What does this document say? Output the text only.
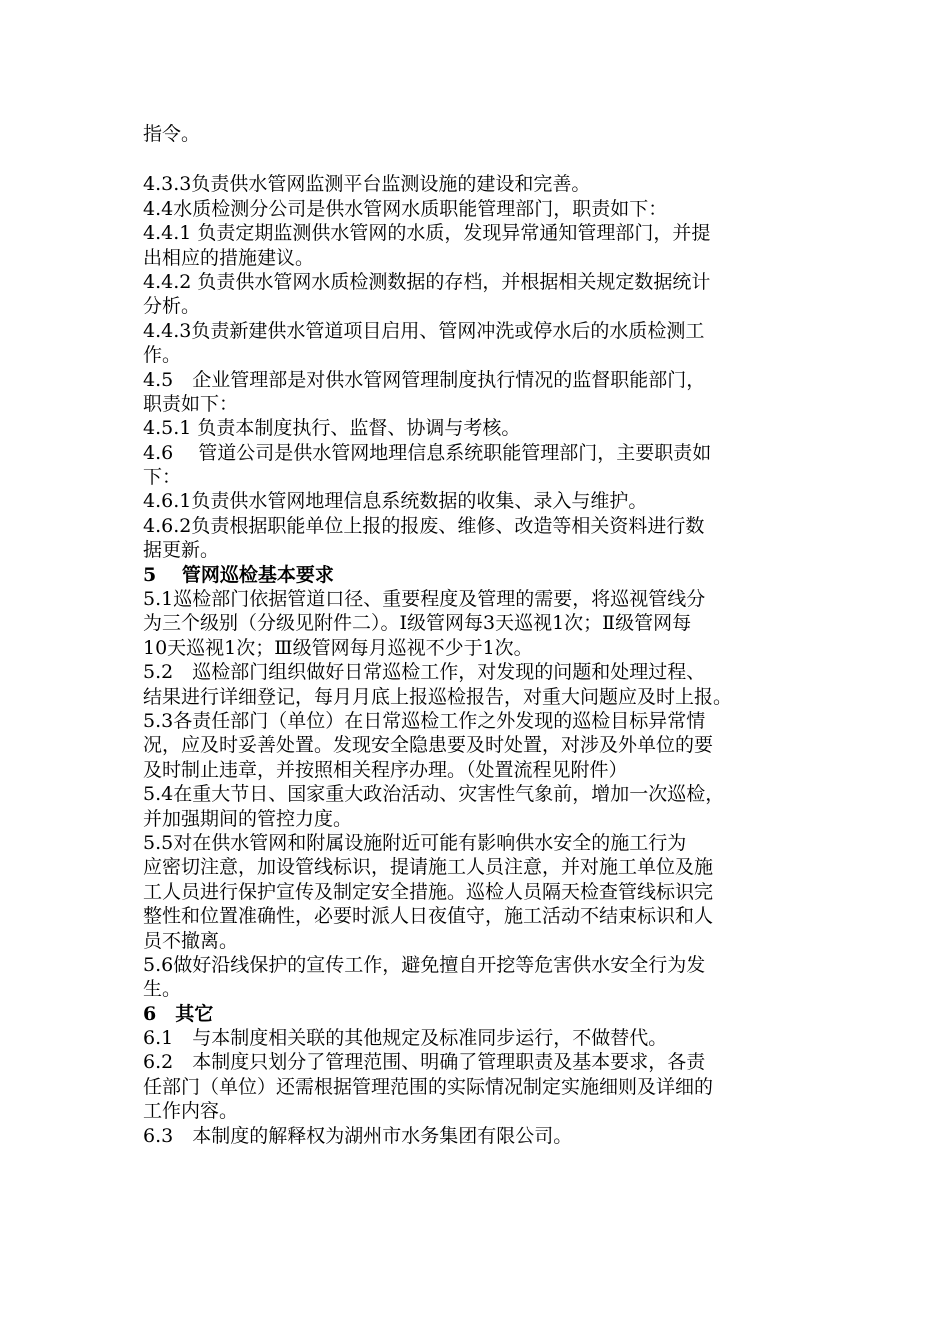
指令。
4.3.3负责供水管网监测平台监测设施的建设和完善。
4.4水质检测分公司是供水管网水质职能管理部门，职责如下：
4.4.1 负责定期监测供水管网的水质，发现异常通知管理部门，并提
出相应的措施建议。
4.4.2 负责供水管网水质检测数据的存档，并根据相关规定数据统计
分析。
4.4.3负责新建供水管道项目启用、管网冲洗或停水后的水质检测工
作。
4.5　企业管理部是对供水管网管理制度执行情况的监督职能部门，
职责如下：
4.5.1 负责本制度执行、监督、协调与考核。
4.6　 管道公司是供水管网地理信息系统职能管理部门，主要职责如
下：
4.6.1负责供水管网地理信息系统数据的收集、录入与维护。
4.6.2负责根据职能单位上报的报废、维修、改造等相关资料进行数
据更新。
5　 管网巡检基本要求
5.1巡检部门依据管道口径、重要程度及管理的需要，将巡视管线分
为三个级别（分级见附件二）。Ⅰ级管网每3天巡视1次；Ⅱ级管网每
10天巡视1次；Ⅲ级管网每月巡视不少于1次。
5.2　巡检部门组织做好日常巡检工作，对发现的问题和处理过程、
结果进行详细登记，每月月底上报巡检报告，对重大问题应及时上报。
5.3各责任部门（单位）在日常巡检工作之外发现的巡检目标异常情
况，应及时妥善处置。发现安全隐患要及时处置，对涉及外单位的要
及时制止违章，并按照相关程序办理。（处置流程见附件）
5.4在重大节日、国家重大政治活动、灾害性气象前，增加一次巡检，
并加强期间的管控力度。
5.5对在供水管网和附属设施附近可能有影响供水安全的施工行为
应密切注意，加设管线标识，提请施工人员注意，并对施工单位及施
工人员进行保护宣传及制定安全措施。巡检人员隔天检查管线标识完
整性和位置准确性，必要时派人日夜值守，施工活动不结束标识和人
员不撤离。
5.6做好沿线保护的宣传工作，避免擅自开挖等危害供水安全行为发
生。
6　其它
6.1　与本制度相关联的其他规定及标准同步运行，不做替代。
6.2　本制度只划分了管理范围、明确了管理职责及基本要求，各责
任部门（单位）还需根据管理范围的实际情况制定实施细则及详细的
工作内容。
6.3　本制度的解释权为湖州市水务集团有限公司。
